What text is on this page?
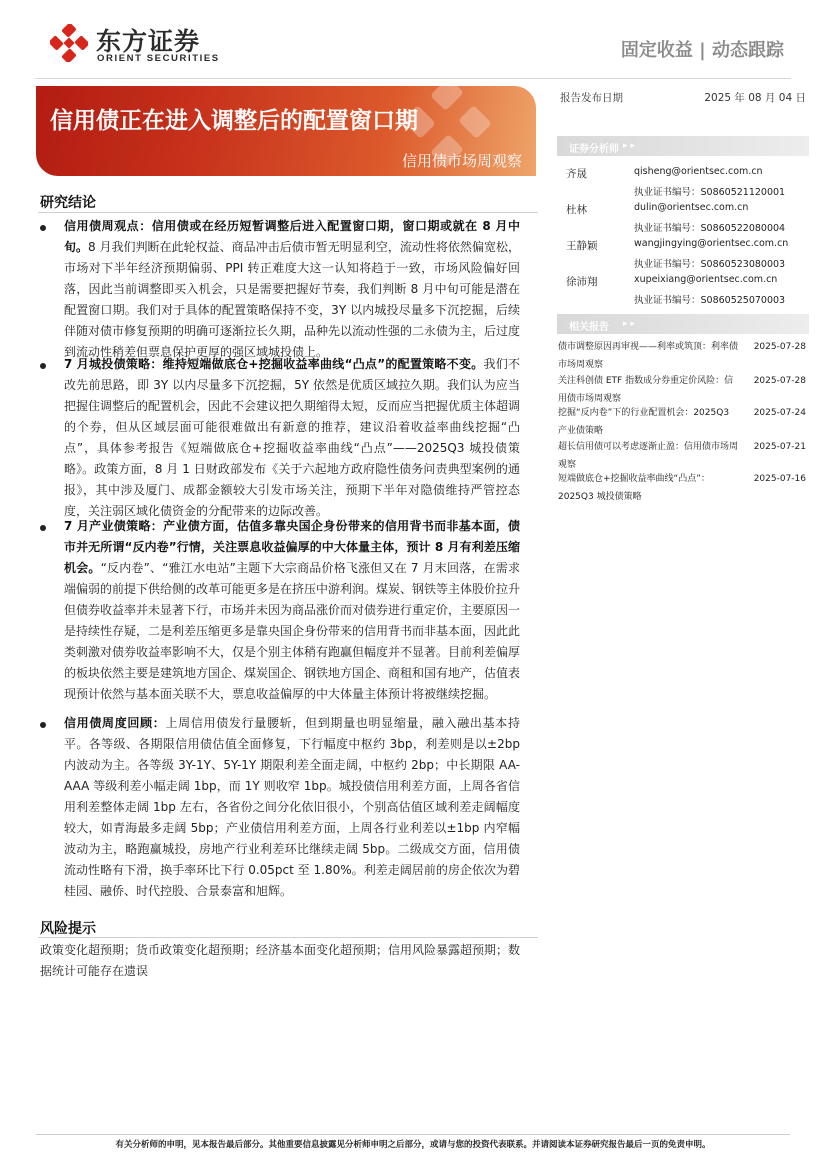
东方证券
ORIENT SECURITIES	固定收益 | 动态跟踪
信用债正在进入调整后的配置窗口期
信用债市场周观察
报告发布日期	2025 年 08 月 04 日
证券分析师 ▸ ▸
齐晟	qisheng@orientsec.com.cn
执业证书编号：S0860521120001
杜林	dulin@orientsec.com.cn
执业证书编号：S0860522080004
王静颖	wangjingying@orientsec.com.cn
执业证书编号：S0860523080003
徐沛翔	xupeixiang@orientsec.com.cn
执业证书编号：S0860525070003
相关报告 ▸ ▸
债市调整原因再审视——利率或筑顶：利率债市场周观察
2025-07-28
关注科创债 ETF 指数成分券重定价风险：信用债市场周观察
2025-07-28
挖掘“反内卷”下的行业配置机会：2025Q3 产业债策略
2025-07-24
超长信用债可以考虑逐渐止盈：信用债市场周观察
2025-07-21
短端做底仓+挖掘收益率曲线“凸点”：2025Q3 城投债策略
2025-07-16
研究结论
信用债周观点：信用债或在经历短暂调整后进入配置窗口期，窗口期或就在 8 月中旬。8 月我们判断在此轮权益、商品冲击后债市暂无明显利空，流动性将依然偏宽松，市场对下半年经济预期偏弱、PPI 转正难度大这一认知将趋于一致，市场风险偏好回落，因此当前调整即买入机会，只是需要把握好节奏，我们判断 8 月中旬可能是潜在配置窗口期。我们对于具体的配置策略保持不变，3Y 以内城投尽量多下沉挖掘，后续伴随对债市修复预期的明确可逐渐拉长久期，品种先以流动性强的二永债为主，后过度到流动性稍差但票息保护更厚的强区域城投债上。
7 月城投债策略：维持短端做底仓+挖掘收益率曲线“凸点”的配置策略不变。我们不改先前思路，即 3Y 以内尽量多下沉挖掘，5Y 依然是优质区域拉久期。我们认为应当把握住调整后的配置机会，因此不会建议把久期缩得太短，反而应当把握优质主体超调的个券，但从区域层面可能很难做出有新意的推荐，建议沿着收益率曲线挖掘“凸点”，具体参考报告《短端做底仓+挖掘收益率曲线“凸点”——2025Q3 城投债策略》。政策方面，8 月 1 日财政部发布《关于六起地方政府隐性债务问责典型案例的通报》，其中涉及厦门、成都金额较大引发市场关注，预期下半年对隐债维持严管控态度，关注弱区域化债资金的分配带来的边际改善。
7 月产业债策略：产业债方面，估值多靠央国企身份带来的信用背书而非基本面，债市并无所谓“反内卷”行情，关注票息收益偏厚的中大体量主体，预计 8 月有利差压缩机会。“反内卷”、“雅江水电站”主题下大宗商品价格飞涨但又在 7 月末回落，在需求端偏弱的前提下供给侧的改革可能更多是在挤压中游利润。煤炭、钢铁等主体股价拉升但债券收益率并未显著下行，市场并未因为商品涨价而对债券进行重定价，主要原因一是持续性存疑，二是利差压缩更多是靠央国企身份带来的信用背书而非基本面，因此此类刺激对债券收益率影响不大，仅是个别主体稍有跑赢但幅度并不显著。目前利差偏厚的板块依然主要是建筑地方国企、煤炭国企、钢铁地方国企、商租和国有地产，估值表现预计依然与基本面关联不大，票息收益偏厚的中大体量主体预计将被继续挖掘。
信用债周度回顾：上周信用债发行量腰斩，但到期量也明显缩量，融入融出基本持平。各等级、各期限信用债估值全面修复，下行幅度中枢约 3bp，利差则是以±2bp 内波动为主。各等级 3Y-1Y、5Y-1Y 期限利差全面走阔，中枢约 2bp；中长期限 AA-AAA 等级利差小幅走阔 1bp，而 1Y 则收窄 1bp。城投债信用利差方面，上周各省信用利差整体走阔 1bp 左右，各省份之间分化依旧很小，个别高估值区域利差走阔幅度较大，如青海最多走阔 5bp；产业债信用利差方面，上周各行业利差以±1bp 内窄幅波动为主，略跑赢城投，房地产行业利差环比继续走阔 5bp。二级成交方面，信用债流动性略有下滑，换手率环比下行 0.05pct 至 1.80%。利差走阔居前的房企依次为碧桂园、融侨、时代控股、合景泰富和旭辉。
风险提示
政策变化超预期；货币政策变化超预期；经济基本面变化超预期；信用风险暴露超预期；数据统计可能存在遗误
有关分析师的申明，见本报告最后部分。其他重要信息披露见分析师申明之后部分，或请与您的投资代表联系。并请阅读本证券研究报告最后一页的免责申明。
